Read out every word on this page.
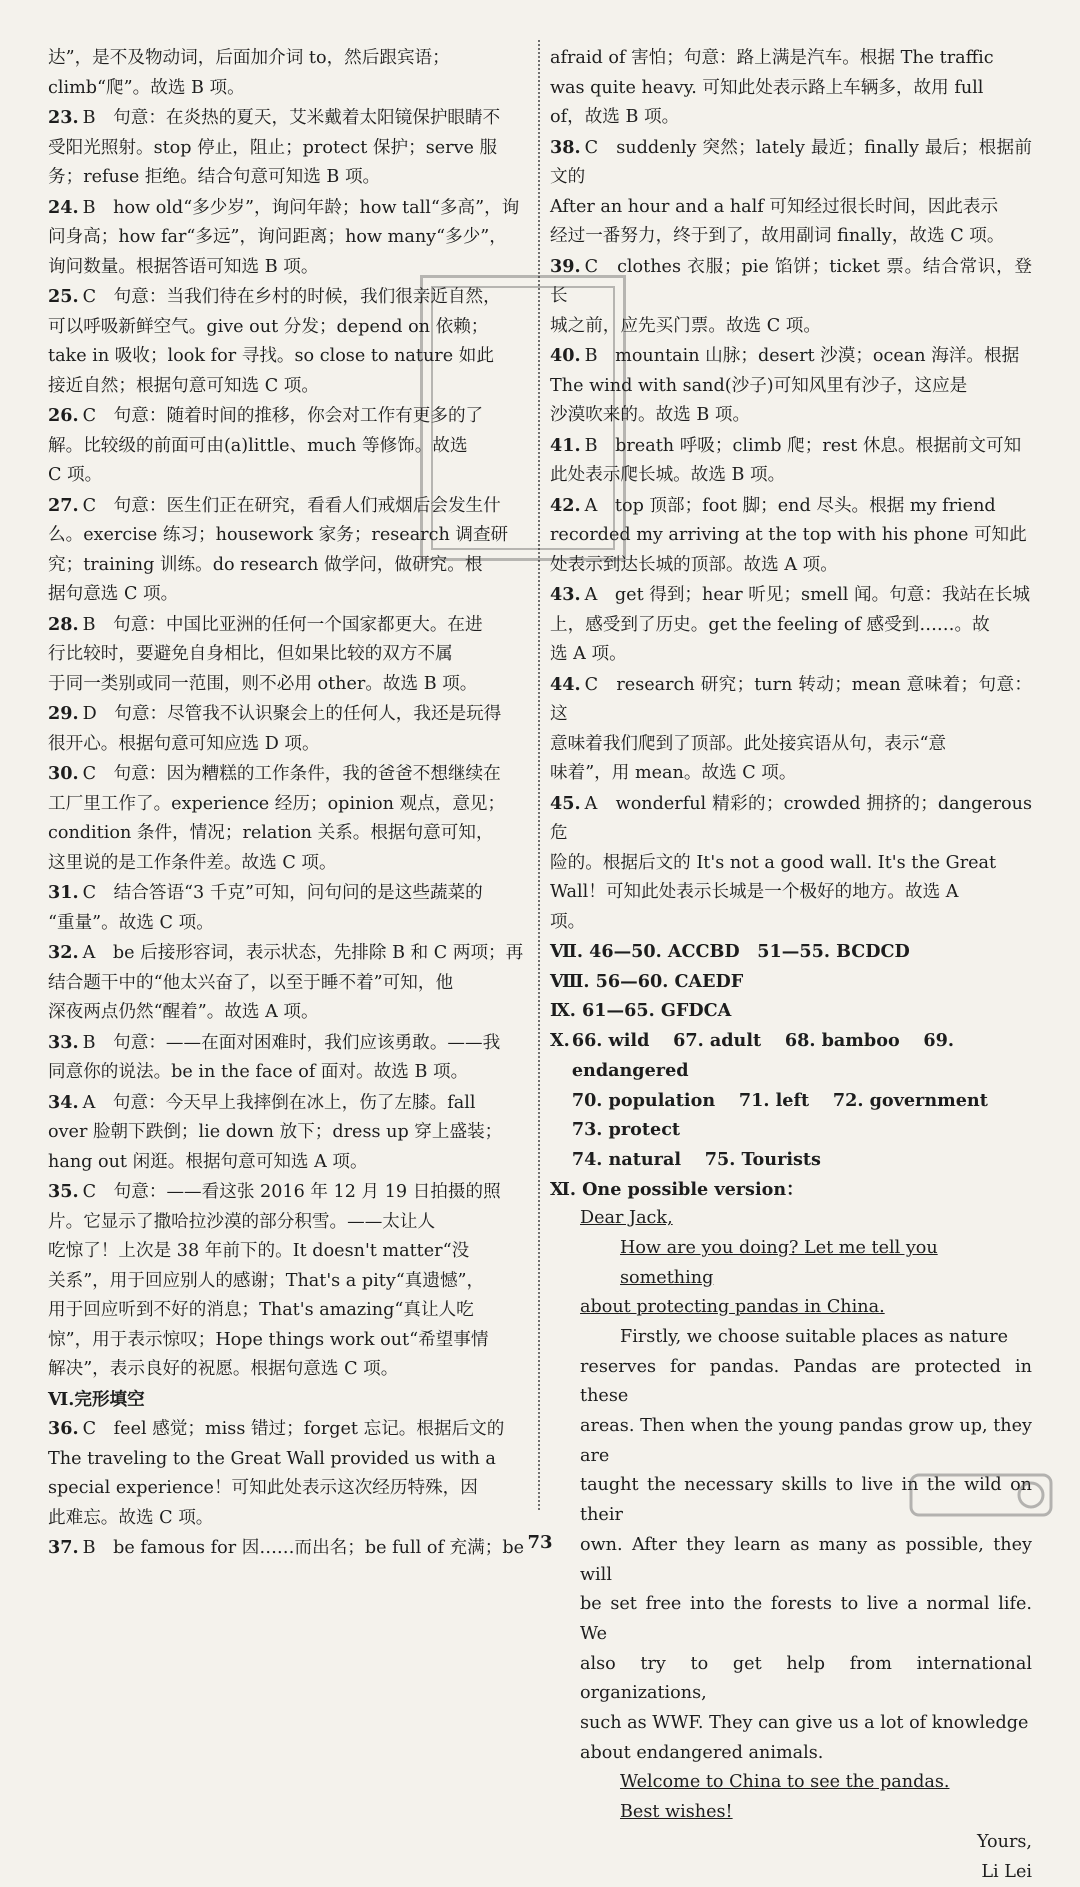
达”，是不及物动词，后面加介词 to，然后跟宾语；
climb“爬”。故选 B 项。
23. B　句意：在炎热的夏天，艾米戴着太阳镜保护眼睛不
受阳光照射。stop 停止，阻止；protect 保护；serve 服
务；refuse 拒绝。结合句意可知选 B 项。
24. B　how old“多少岁”，询问年龄；how tall“多高”，询
问身高；how far“多远”，询问距离；how many“多少”，
询问数量。根据答语可知选 B 项。
25. C　句意：当我们待在乡村的时候，我们很亲近自然，
可以呼吸新鲜空气。give out 分发；depend on 依赖；
take in 吸收；look for 寻找。so close to nature 如此
接近自然；根据句意可知选 C 项。
26. C　句意：随着时间的推移，你会对工作有更多的了
解。比较级的前面可由(a)little、much 等修饰。故选
C 项。
27. C　句意：医生们正在研究，看看人们戒烟后会发生什
么。exercise 练习；housework 家务；research 调查研
究；training 训练。do research 做学问，做研究。根
据句意选 C 项。
28. B　句意：中国比亚洲的任何一个国家都更大。在进
行比较时，要避免自身相比，但如果比较的双方不属
于同一类别或同一范围，则不必用 other。故选 B 项。
29. D　句意：尽管我不认识聚会上的任何人，我还是玩得
很开心。根据句意可知应选 D 项。
30. C　句意：因为糟糕的工作条件，我的爸爸不想继续在
工厂里工作了。experience 经历；opinion 观点，意见；
condition 条件，情况；relation 关系。根据句意可知，
这里说的是工作条件差。故选 C 项。
31. C　结合答语“3 千克”可知，问句问的是这些蔬菜的
“重量”。故选 C 项。
32. A　be 后接形容词，表示状态，先排除 B 和 C 两项；再
结合题干中的“他太兴奋了，以至于睡不着”可知，他
深夜两点仍然“醒着”。故选 A 项。
33. B　句意：——在面对困难时，我们应该勇敢。——我
同意你的说法。be in the face of 面对。故选 B 项。
34. A　句意：今天早上我摔倒在冰上，伤了左膝。fall
over 脸朝下跌倒；lie down 放下；dress up 穿上盛装；
hang out 闲逛。根据句意可知选 A 项。
35. C　句意：——看这张 2016 年 12 月 19 日拍摄的照
片。它显示了撒哈拉沙漠的部分积雪。——太让人
吃惊了！上次是 38 年前下的。It doesn't matter“没
关系”，用于回应别人的感谢；That's a pity“真遗憾”，
用于回应听到不好的消息；That's amazing“真让人吃
惊”，用于表示惊叹；Hope things work out“希望事情
解决”，表示良好的祝愿。根据句意选 C 项。
Ⅵ.完形填空
36. C　feel 感觉；miss 错过；forget 忘记。根据后文的
The traveling to the Great Wall provided us with a
special experience！可知此处表示这次经历特殊，因
此难忘。故选 C 项。
37. B　be famous for 因……而出名；be full of 充满；be
afraid of 害怕；句意：路上满是汽车。根据 The traffic
was quite heavy. 可知此处表示路上车辆多，故用 full
of，故选 B 项。
38. C　suddenly 突然；lately 最近；finally 最后；根据前文的
After an hour and a half 可知经过很长时间，因此表示
经过一番努力，终于到了，故用副词 finally，故选 C 项。
39. C　clothes 衣服；pie 馅饼；ticket 票。结合常识，登长
城之前，应先买门票。故选 C 项。
40. B　mountain 山脉；desert 沙漠；ocean 海洋。根据
The wind with sand(沙子)可知风里有沙子，这应是
沙漠吹来的。故选 B 项。
41. B　breath 呼吸；climb 爬；rest 休息。根据前文可知
此处表示爬长城。故选 B 项。
42. A　top 顶部；foot 脚；end 尽头。根据 my friend
recorded my arriving at the top with his phone 可知此
处表示到达长城的顶部。故选 A 项。
43. A　get 得到；hear 听见；smell 闻。句意：我站在长城
上，感受到了历史。get the feeling of 感受到……。故
选 A 项。
44. C　research 研究；turn 转动；mean 意味着；句意：这
意味着我们爬到了顶部。此处接宾语从句，表示“意
味着”，用 mean。故选 C 项。
45. A　wonderful 精彩的；crowded 拥挤的；dangerous 危
险的。根据后文的 It's not a good wall. It's the Great
Wall！可知此处表示长城是一个极好的地方。故选 A
项。
Ⅶ. 46—50. ACCBD　51—55. BCDCD
Ⅷ. 56—60. CAEDF
Ⅸ. 61—65. GFDCA
Ⅹ. 66. wild　 67. adult　 68. bamboo　 69. endangered
70. population　 71. left　 72. government　 73. protect
74. natural　 75. Tourists
Ⅺ. One possible version：
Dear Jack,
How are you doing? Let me tell you something
about protecting pandas in China.
Firstly, we choose suitable places as nature
reserves for pandas. Pandas are protected in these
areas. Then when the young pandas grow up, they are
taught the necessary skills to live in the wild on their
own. After they learn as many as possible, they will
be set free into the forests to live a normal life. We
also try to get help from international organizations,
such as WWF. They can give us a lot of knowledge
about endangered animals.
Welcome to China to see the pandas.
Best wishes!
Yours,
Li Lei
73
